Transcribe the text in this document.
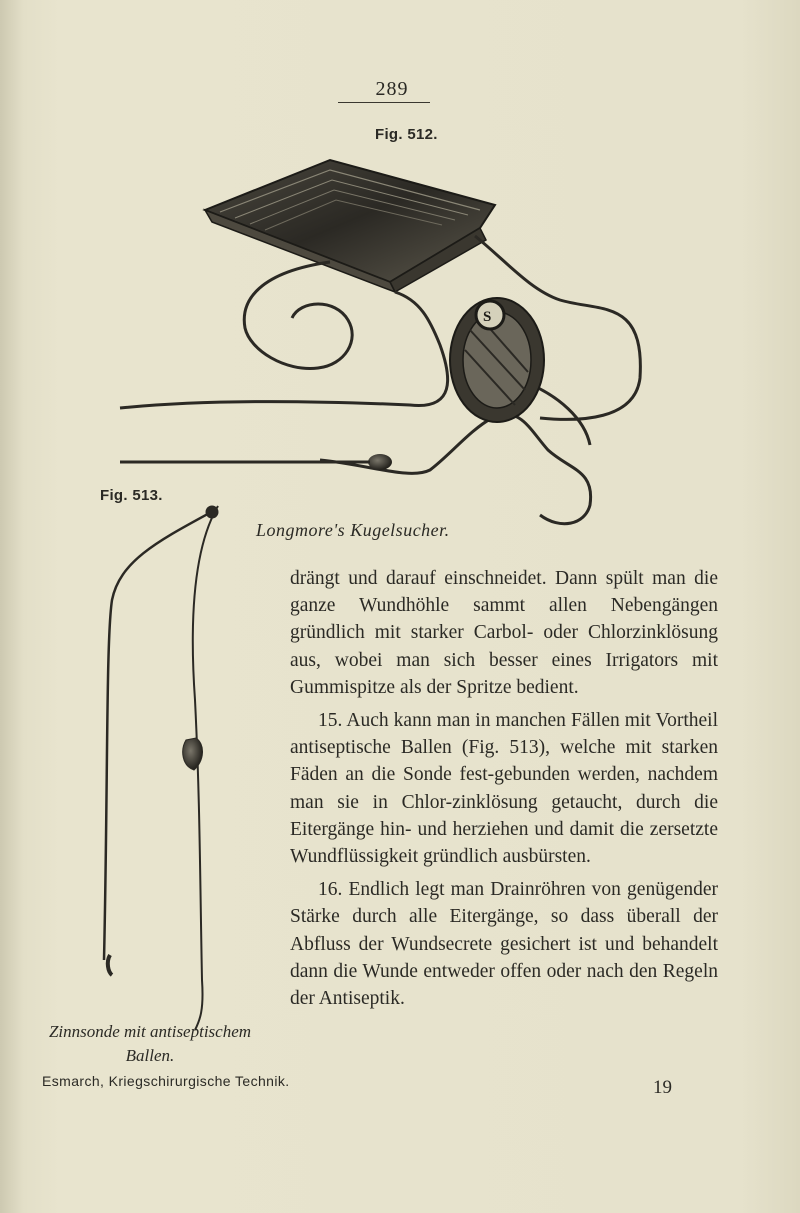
289
Fig. 512.
Fig. 513.
S
Longmore's Kugelsucher.

drängt und darauf einschneidet. Dann spült man die ganze Wundhöhle sammt allen Nebengängen gründlich mit starker Carbol- oder Chlorzinklösung aus, wobei man sich besser eines Irrigators mit Gummispitze als der Spritze bedient.

15. Auch kann man in manchen Fällen mit Vortheil antiseptische Ballen (Fig. 513), welche mit starken Fäden an die Sonde fest-gebunden werden, nachdem man sie in Chlor-zinklösung getaucht, durch die Eitergänge hin- und herziehen und damit die zersetzte Wundflüssigkeit gründlich ausbürsten.

16. Endlich legt man Drainröhren von genügender Stärke durch alle Eitergänge, so dass überall der Abfluss der Wundsecrete gesichert ist und behandelt dann die Wunde entweder offen oder nach den Regeln der Antiseptik.

Zinnsonde mit antiseptischem
Ballen.
Esmarch, Kriegschirurgische Technik.	19
